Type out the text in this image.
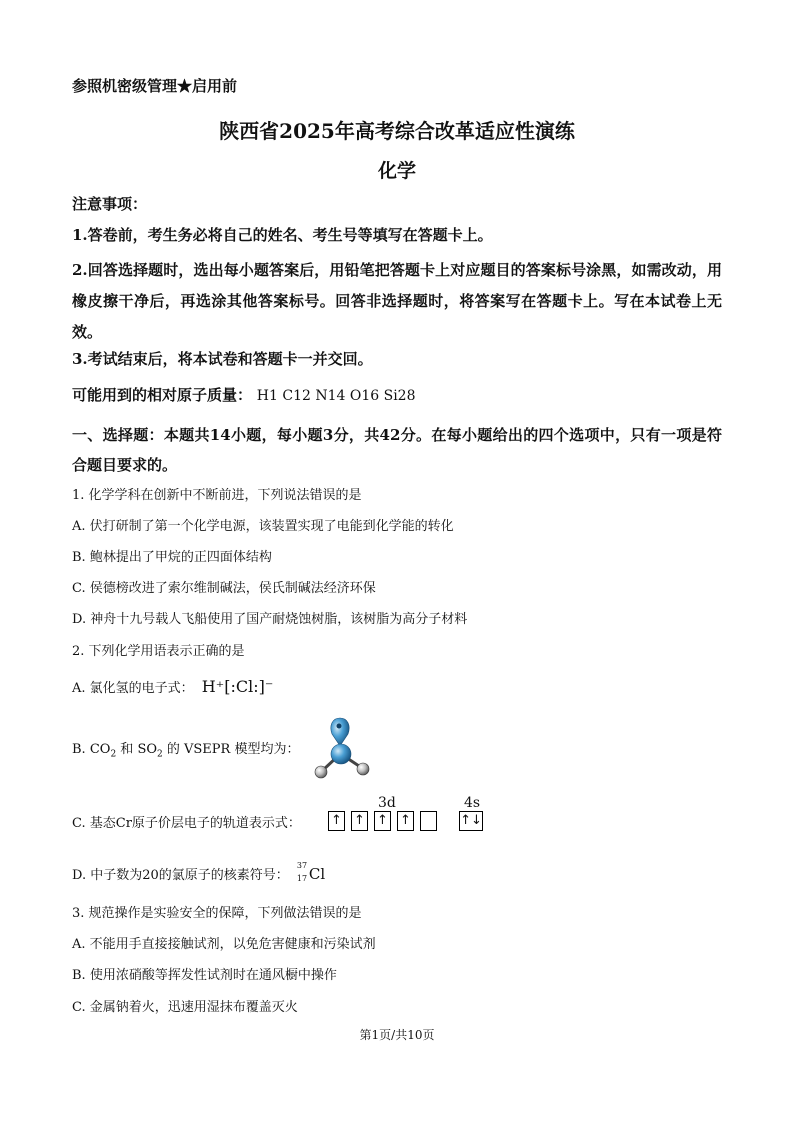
参照机密级管理★启用前
陕西省2025年高考综合改革适应性演练
化学
注意事项：
1.答卷前，考生务必将自己的姓名、考生号等填写在答题卡上。
2.回答选择题时，选出每小题答案后，用铅笔把答题卡上对应题目的答案标号涂黑，如需改动，用橡皮擦干净后，再选涂其他答案标号。回答非选择题时，将答案写在答题卡上。写在本试卷上无效。
3.考试结束后，将本试卷和答题卡一并交回。
可能用到的相对原子质量： H1 C12 N14 O16 Si28
一、选择题：本题共14小题，每小题3分，共42分。在每小题给出的四个选项中，只有一项是符合题目要求的。
1. 化学学科在创新中不断前进，下列说法错误的是
A. 伏打研制了第一个化学电源，该装置实现了电能到化学能的转化
B. 鲍林提出了甲烷的正四面体结构
C. 侯德榜改进了索尔维制碱法，侯氏制碱法经济环保
D. 神舟十九号载人飞船使用了国产耐烧蚀树脂，该树脂为高分子材料
2. 下列化学用语表示正确的是
A. 氯化氢的电子式： H⁺[:Cl:]⁻
B. $CO_2$ 和 $SO_2$ 的 VSEPR 模型均为：
C. 基态Cr原子价层电子的轨道表示式：
3d	4s
↑ ↑ ↑ ↑	↑↓
D. 中子数为20的氯原子的核素符号：
37
17 Cl
3. 规范操作是实验安全的保障，下列做法错误的是
A. 不能用手直接接触试剂，以免危害健康和污染试剂
B. 使用浓硝酸等挥发性试剂时在通风橱中操作
C. 金属钠着火，迅速用湿抹布覆盖灭火
第1页/共10页
